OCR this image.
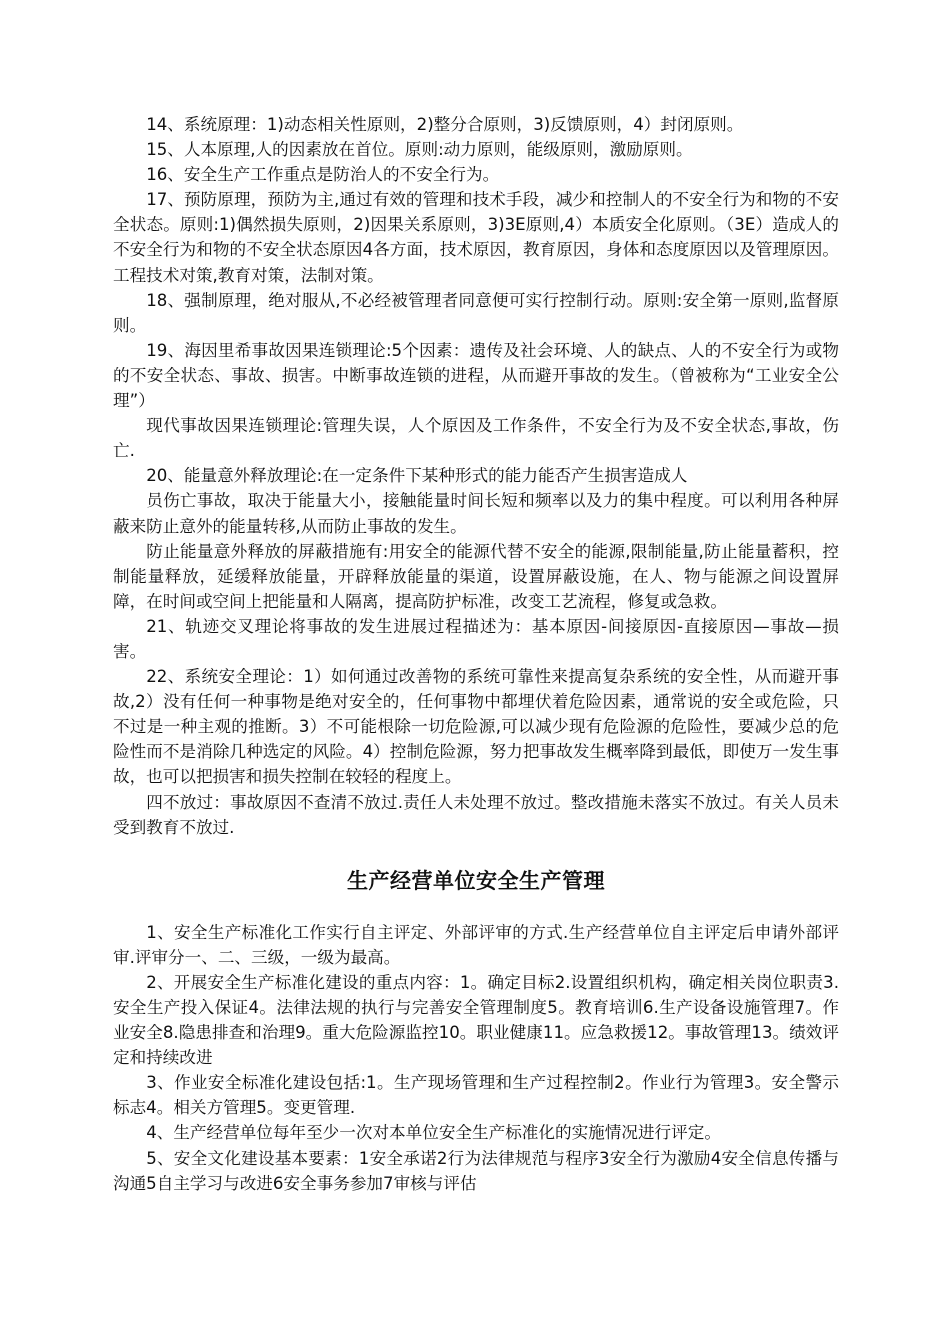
14、系统原理：1)动态相关性原则，2)整分合原则，3)反馈原则，4）封闭原则。

15、人本原理,人的因素放在首位。原则:动力原则，能级原则，激励原则。

16、安全生产工作重点是防治人的不安全行为。

17、预防原理，预防为主,通过有效的管理和技术手段，减少和控制人的不安全行为和物的不安全状态。原则:1)偶然损失原则，2)因果关系原则，3)3E原则,4）本质安全化原则。（3E）造成人的不安全行为和物的不安全状态原因4各方面，技术原因，教育原因，身体和态度原因以及管理原因。工程技术对策,教育对策，法制对策。

18、强制原理，绝对服从,不必经被管理者同意便可实行控制行动。原则:安全第一原则,监督原则。

19、海因里希事故因果连锁理论:5个因素：遗传及社会环境、人的缺点、人的不安全行为或物的不安全状态、事故、损害。中断事故连锁的进程，从而避开事故的发生。（曾被称为“工业安全公理”）

现代事故因果连锁理论:管理失误，人个原因及工作条件，不安全行为及不安全状态,事故，伤亡.

20、能量意外释放理论:在一定条件下某种形式的能力能否产生损害造成人

员伤亡事故，取决于能量大小，接触能量时间长短和频率以及力的集中程度。可以利用各种屏蔽来防止意外的能量转移,从而防止事故的发生。

防止能量意外释放的屏蔽措施有:用安全的能源代替不安全的能源,限制能量,防止能量蓄积，控制能量释放，延缓释放能量，开辟释放能量的渠道，设置屏蔽设施，在人、物与能源之间设置屏障，在时间或空间上把能量和人隔离，提高防护标准，改变工艺流程，修复或急救。

21、轨迹交叉理论将事故的发生进展过程描述为：基本原因-间接原因-直接原因—事故—损害。

22、系统安全理论：1）如何通过改善物的系统可靠性来提高复杂系统的安全性，从而避开事故,2）没有任何一种事物是绝对安全的，任何事物中都埋伏着危险因素，通常说的安全或危险，只不过是一种主观的推断。3）不可能根除一切危险源,可以减少现有危险源的危险性，要减少总的危险性而不是消除几种选定的风险。4）控制危险源，努力把事故发生概率降到最低，即使万一发生事故，也可以把损害和损失控制在较轻的程度上。

四不放过：事故原因不查清不放过.责任人未处理不放过。整改措施未落实不放过。有关人员未受到教育不放过.

生产经营单位安全生产管理

1、安全生产标准化工作实行自主评定、外部评审的方式.生产经营单位自主评定后申请外部评审.评审分一、二、三级，一级为最高。

2、开展安全生产标准化建设的重点内容：1。确定目标2.设置组织机构，确定相关岗位职责3.安全生产投入保证4。法律法规的执行与完善安全管理制度5。教育培训6.生产设备设施管理7。作业安全8.隐患排查和治理9。重大危险源监控10。职业健康11。应急救援12。事故管理13。绩效评定和持续改进

3、作业安全标准化建设包括:1。生产现场管理和生产过程控制2。作业行为管理3。安全警示标志4。相关方管理5。变更管理.

4、生产经营单位每年至少一次对本单位安全生产标准化的实施情况进行评定。

5、安全文化建设基本要素：1安全承诺2行为法律规范与程序3安全行为激励4安全信息传播与沟通5自主学习与改进6安全事务参加7审核与评估
